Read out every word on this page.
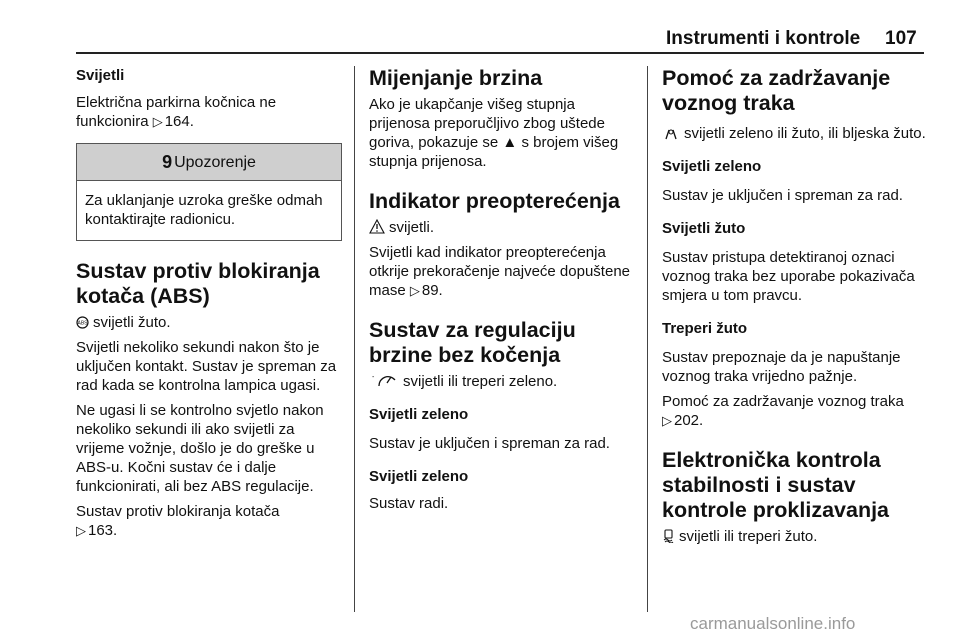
Instrumenti i kontrole 107

Svijetli

Električna parkirna kočnica ne funkcionira ▷ 164.

9 Upozorenje
Za uklanjanje uzroka greške odmah kontaktirajte radionicu.

Sustav protiv blokiranja kotača (ABS)

ABS svijetli žuto.

Svijetli nekoliko sekundi nakon što je uključen kontakt. Sustav je spreman za rad kada se kontrolna lampica ugasi.

Ne ugasi li se kontrolno svjetlo nakon nekoliko sekundi ili ako svijetli za vrijeme vožnje, došlo je do greške u ABS-u. Kočni sustav će i dalje funkcionirati, ali bez ABS regulacije.

Sustav protiv blokiranja kotača
▷ 163.

Mijenjanje brzina

Ako je ukapčanje višeg stupnja prijenosa preporučljivo zbog uštede goriva, pokazuje se ▲ s brojem višeg stupnja prijenosa.

Indikator preopterećenja

svijetli.

Svijetli kad indikator preopterećenja otkrije prekoračenje najveće dopuštene mase ▷ 89.

Sustav za regulaciju brzine bez kočenja

- svijetli ili treperi zeleno.

Svijetli zeleno

Sustav je uključen i spreman za rad.

Svijetli zeleno

Sustav radi.

Pomoć za zadržavanje voznog traka

svijetli zeleno ili žuto, ili bljeska žuto.

Svijetli zeleno

Sustav je uključen i spreman za rad.

Svijetli žuto

Sustav pristupa detektiranoj oznaci voznog traka bez uporabe pokazivača smjera u tom pravcu.

Treperi žuto

Sustav prepoznaje da je napuštanje voznog traka vrijedno pažnje.

Pomoć za zadržavanje voznog traka
▷ 202.

Elektronička kontrola stabilnosti i sustav kontrole proklizavanja

svijetli ili treperi žuto.

carmanualsonline.info
